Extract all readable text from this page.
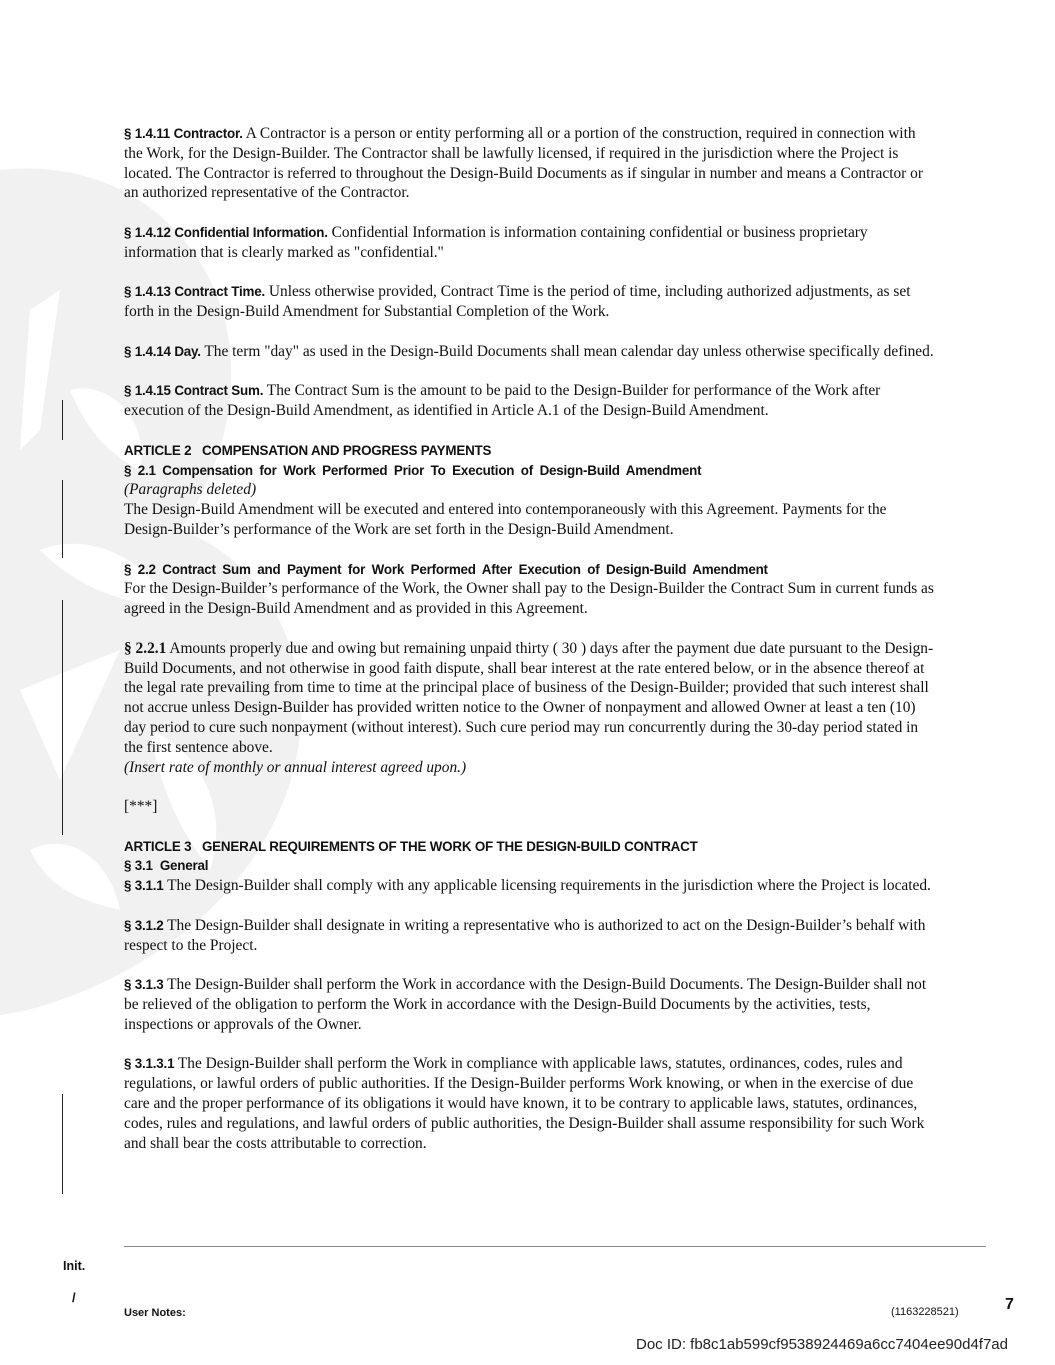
§ 1.4.11 Contractor. A Contractor is a person or entity performing all or a portion of the construction, required in connection with the Work, for the Design-Builder. The Contractor shall be lawfully licensed, if required in the jurisdiction where the Project is located. The Contractor is referred to throughout the Design-Build Documents as if singular in number and means a Contractor or an authorized representative of the Contractor.

§ 1.4.12 Confidential Information. Confidential Information is information containing confidential or business proprietary information that is clearly marked as "confidential."

§ 1.4.13 Contract Time. Unless otherwise provided, Contract Time is the period of time, including authorized adjustments, as set forth in the Design-Build Amendment for Substantial Completion of the Work.

§ 1.4.14 Day. The term "day" as used in the Design-Build Documents shall mean calendar day unless otherwise specifically defined.

§ 1.4.15 Contract Sum. The Contract Sum is the amount to be paid to the Design-Builder for performance of the Work after execution of the Design-Build Amendment, as identified in Article A.1 of the Design-Build Amendment.

ARTICLE 2   COMPENSATION AND PROGRESS PAYMENTS

§ 2.1 Compensation for Work Performed Prior To Execution of Design-Build Amendment

(Paragraphs deleted)

The Design-Build Amendment will be executed and entered into contemporaneously with this Agreement. Payments for the Design-Builder’s performance of the Work are set forth in the Design-Build Amendment.

§ 2.2 Contract Sum and Payment for Work Performed After Execution of Design-Build Amendment

For the Design-Builder’s performance of the Work, the Owner shall pay to the Design-Builder the Contract Sum in current funds as agreed in the Design-Build Amendment and as provided in this Agreement.

§ 2.2.1 Amounts properly due and owing but remaining unpaid thirty ( 30 ) days after the payment due date pursuant to the Design-Build Documents, and not otherwise in good faith dispute, shall bear interest at the rate entered below, or in the absence thereof at the legal rate prevailing from time to time at the principal place of business of the Design-Builder; provided that such interest shall not accrue unless Design-Builder has provided written notice to the Owner of nonpayment and allowed Owner at least a ten (10) day period to cure such nonpayment (without interest). Such cure period may run concurrently during the 30-day period stated in the first sentence above.

(Insert rate of monthly or annual interest agreed upon.)

[***]

ARTICLE 3   GENERAL REQUIREMENTS OF THE WORK OF THE DESIGN-BUILD CONTRACT

§ 3.1  General

§ 3.1.1 The Design-Builder shall comply with any applicable licensing requirements in the jurisdiction where the Project is located.

§ 3.1.2 The Design-Builder shall designate in writing a representative who is authorized to act on the Design-Builder’s behalf with respect to the Project.

§ 3.1.3 The Design-Builder shall perform the Work in accordance with the Design-Build Documents. The Design-Builder shall not be relieved of the obligation to perform the Work in accordance with the Design-Build Documents by the activities, tests, inspections or approvals of the Owner.

§ 3.1.3.1 The Design-Builder shall perform the Work in compliance with applicable laws, statutes, ordinances, codes, rules and regulations, or lawful orders of public authorities. If the Design-Builder performs Work knowing, or when in the exercise of due care and the proper performance of its obligations it would have known, it to be contrary to applicable laws, statutes, ordinances, codes, rules and regulations, and lawful orders of public authorities, the Design-Builder shall assume responsibility for such Work and shall bear the costs attributable to correction.

Init.
/	7
User Notes:	(1163228521)
Doc ID: fb8c1ab599cf9538924469a6cc7404ee90d4f7ad
